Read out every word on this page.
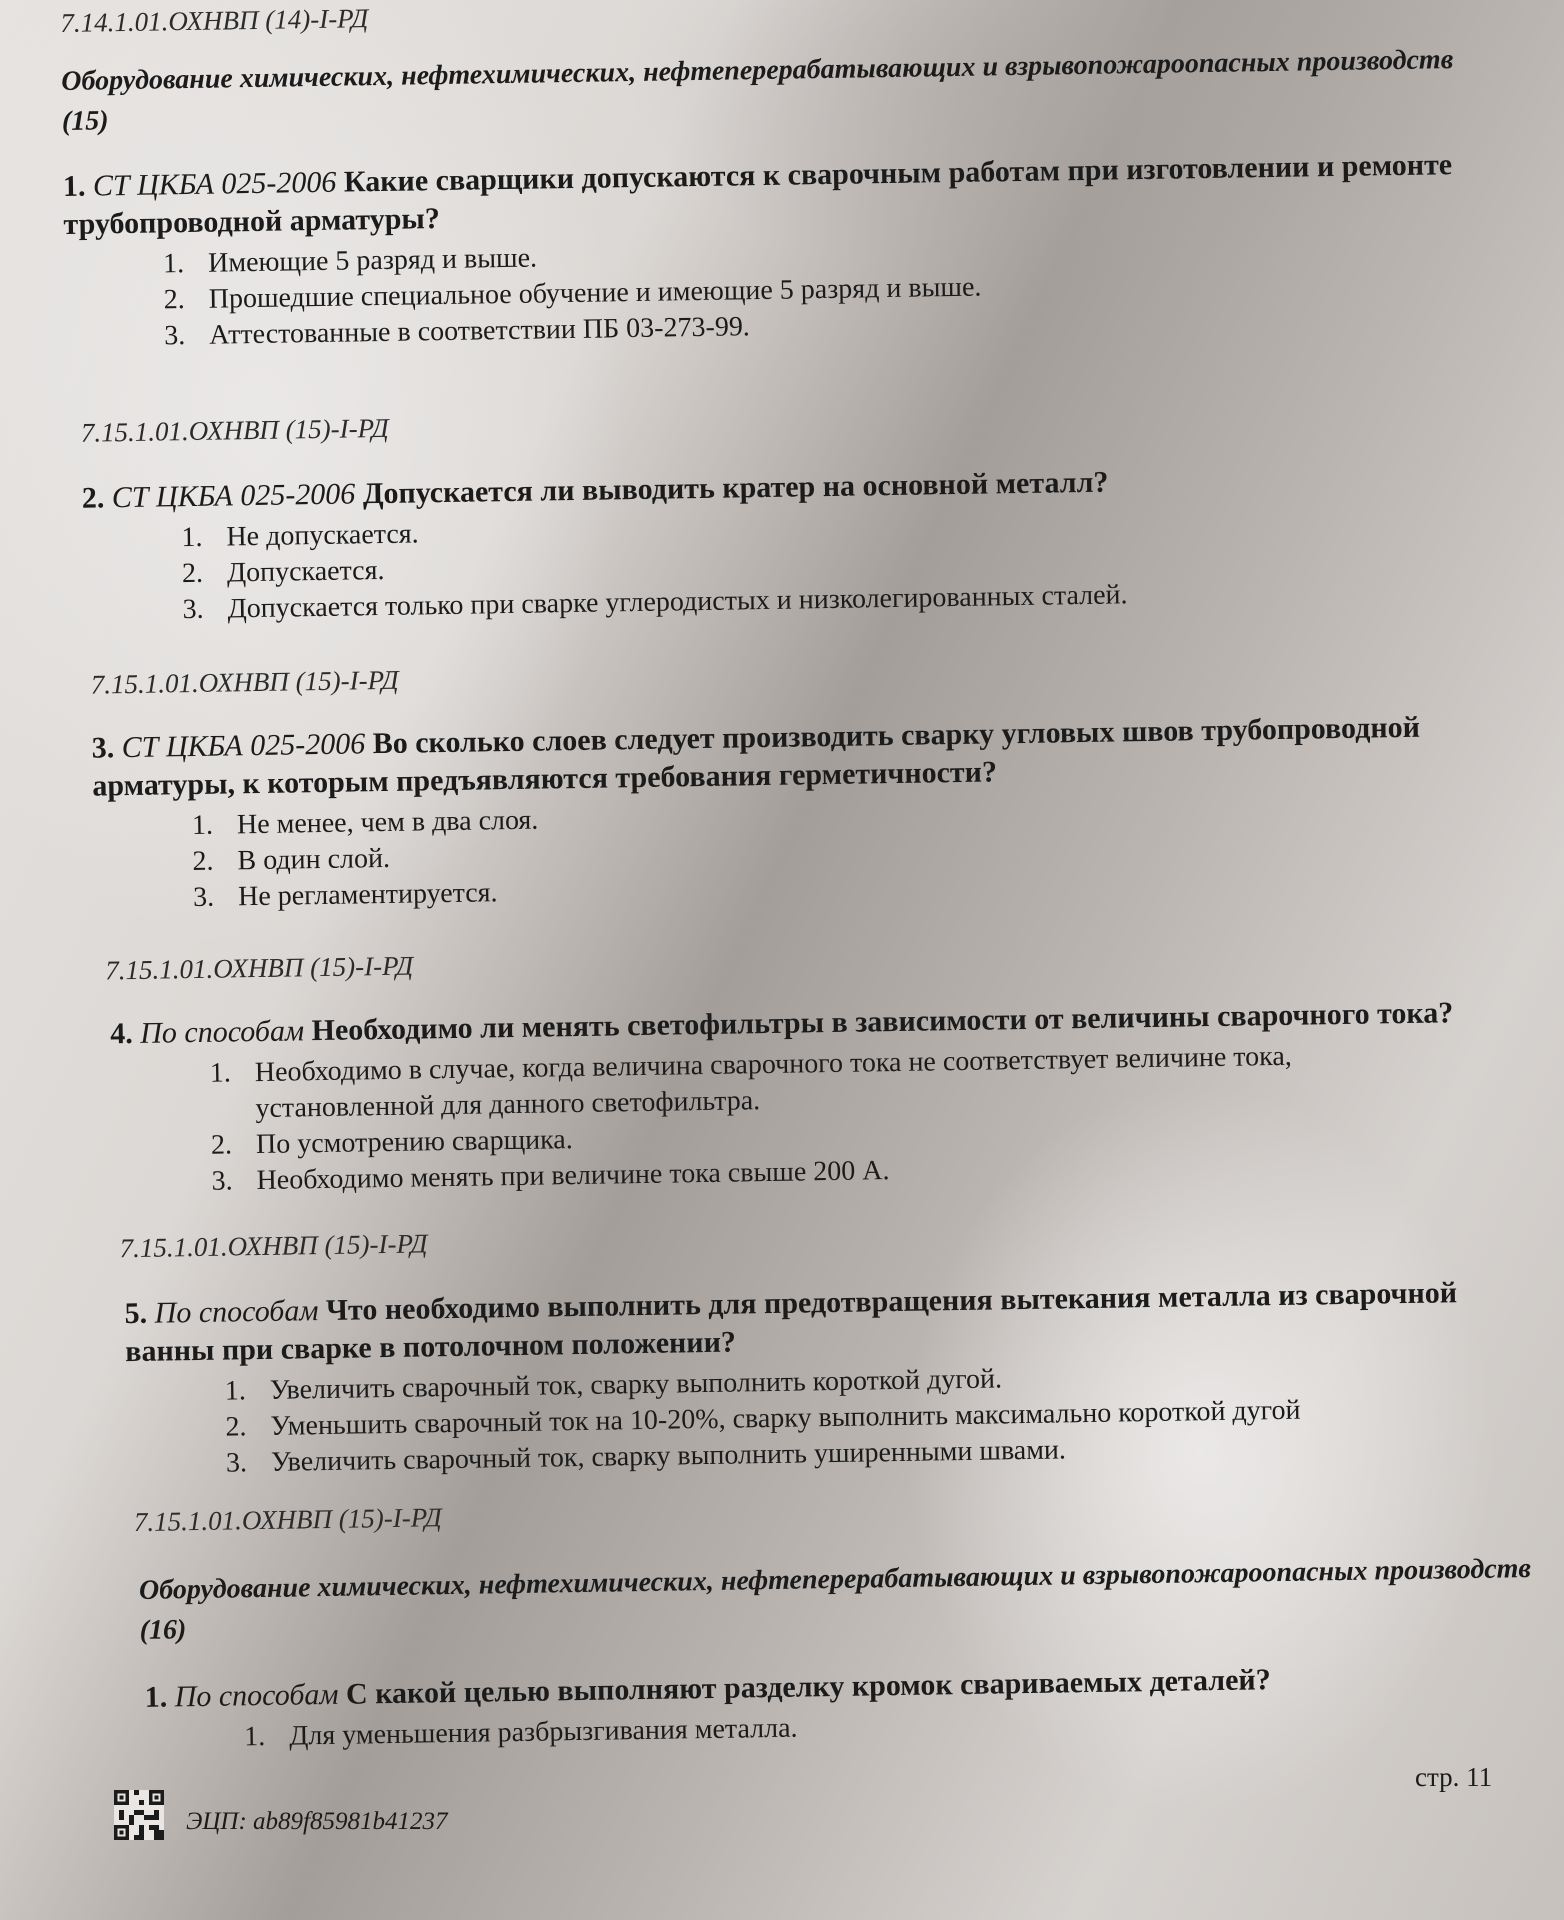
7.14.1.01.ОХНВП (14)-I-РД
Оборудование химических, нефтехимических, нефтеперерабатывающих и взрывопожароопасных производств (15)
1. СТ ЦКБА 025-2006 Какие сварщики допускаются к сварочным работам при изготовлении и ремонте трубопроводной арматуры?
1. Имеющие 5 разряд и выше.
2. Прошедшие специальное обучение и имеющие 5 разряд и выше.
3. Аттестованные в соответствии ПБ 03-273-99.
7.15.1.01.ОХНВП (15)-I-РД
2. СТ ЦКБА 025-2006 Допускается ли выводить кратер на основной металл?
1. Не допускается.
2. Допускается.
3. Допускается только при сварке углеродистых и низколегированных сталей.
7.15.1.01.ОХНВП (15)-I-РД
3. СТ ЦКБА 025-2006 Во сколько слоев следует производить сварку угловых швов трубопроводной арматуры, к которым предъявляются требования герметичности?
1. Не менее, чем в два слоя.
2. В один слой.
3. Не регламентируется.
7.15.1.01.ОХНВП (15)-I-РД
4. По способам Необходимо ли менять светофильтры в зависимости от величины сварочного тока?
1. Необходимо в случае, когда величина сварочного тока не соответствует величине тока, установленной для данного светофильтра.
2. По усмотрению сварщика.
3. Необходимо менять при величине тока свыше 200 А.
7.15.1.01.ОХНВП (15)-I-РД
5. По способам Что необходимо выполнить для предотвращения вытекания металла из сварочной ванны при сварке в потолочном положении?
1. Увеличить сварочный ток, сварку выполнить короткой дугой.
2. Уменьшить сварочный ток на 10-20%, сварку выполнить максимально короткой дугой
3. Увеличить сварочный ток, сварку выполнить уширенными швами.
7.15.1.01.ОХНВП (15)-I-РД
Оборудование химических, нефтехимических, нефтеперерабатывающих и взрывопожароопасных производств (16)
1. По способам С какой целью выполняют разделку кромок свариваемых деталей?
1. Для уменьшения разбрызгивания металла.
стр. 11
ЭЦП: ab89f85981b41237
